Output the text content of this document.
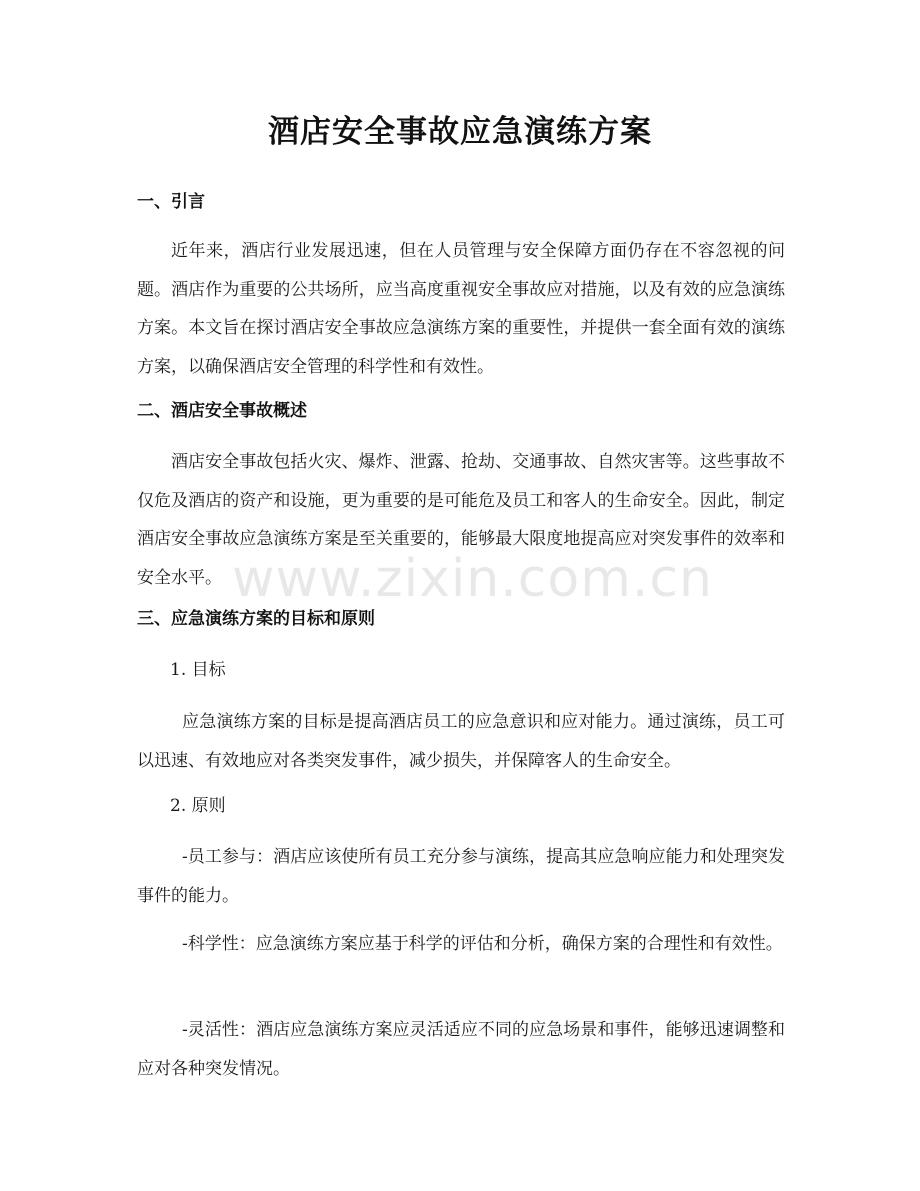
酒店安全事故应急演练方案
一、引言

近年来，酒店行业发展迅速，但在人员管理与安全保障方面仍存在不容忽视的问题。酒店作为重要的公共场所，应当高度重视安全事故应对措施，以及有效的应急演练方案。本文旨在探讨酒店安全事故应急演练方案的重要性，并提供一套全面有效的演练方案，以确保酒店安全管理的科学性和有效性。

二、酒店安全事故概述

酒店安全事故包括火灾、爆炸、泄露、抢劫、交通事故、自然灾害等。这些事故不仅危及酒店的资产和设施，更为重要的是可能危及员工和客人的生命安全。因此，制定酒店安全事故应急演练方案是至关重要的，能够最大限度地提高应对突发事件的效率和安全水平。

三、应急演练方案的目标和原则
1. 目标

应急演练方案的目标是提高酒店员工的应急意识和应对能力。通过演练，员工可以迅速、有效地应对各类突发事件，减少损失，并保障客人的生命安全。

2. 原则

-员工参与：酒店应该使所有员工充分参与演练，提高其应急响应能力和处理突发事件的能力。

-科学性：应急演练方案应基于科学的评估和分析，确保方案的合理性和有效性。

-灵活性：酒店应急演练方案应灵活适应不同的应急场景和事件，能够迅速调整和应对各种突发情况。

www.zixin.com.cn
